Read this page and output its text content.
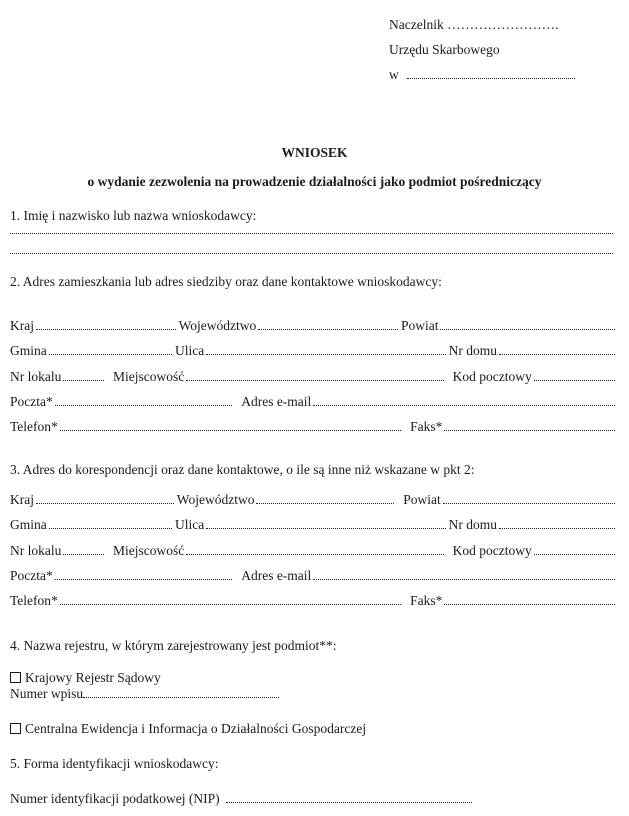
Naczelnik …………………….
Urzędu Skarbowego
w
WNIOSEK
o wydanie zezwolenia na prowadzenie działalności jako podmiot pośredniczący
1. Imię i nazwisko lub nazwa wnioskodawcy:
2. Adres zamieszkania lub adres siedziby oraz dane kontaktowe wnioskodawcy:
Kraj	Województwo	Powiat
Gmina	Ulica	Nr domu
Nr lokalu	Miejscowość	Kod pocztowy
Poczta*	Adres e-mail
Telefon*	Faks*
3. Adres do korespondencji oraz dane kontaktowe, o ile są inne niż wskazane w pkt 2:
Kraj	Województwo	Powiat
Gmina	Ulica	Nr domu
Nr lokalu	Miejscowość	Kod pocztowy
Poczta*	Adres e-mail
Telefon*	Faks*
4. Nazwa rejestru, w którym zarejestrowany jest podmiot**:
Krajowy Rejestr Sądowy
Numer wpisu
Centralna Ewidencja i Informacja o Działalności Gospodarczej
5. Forma identyfikacji wnioskodawcy:
Numer identyfikacji podatkowej (NIP)
